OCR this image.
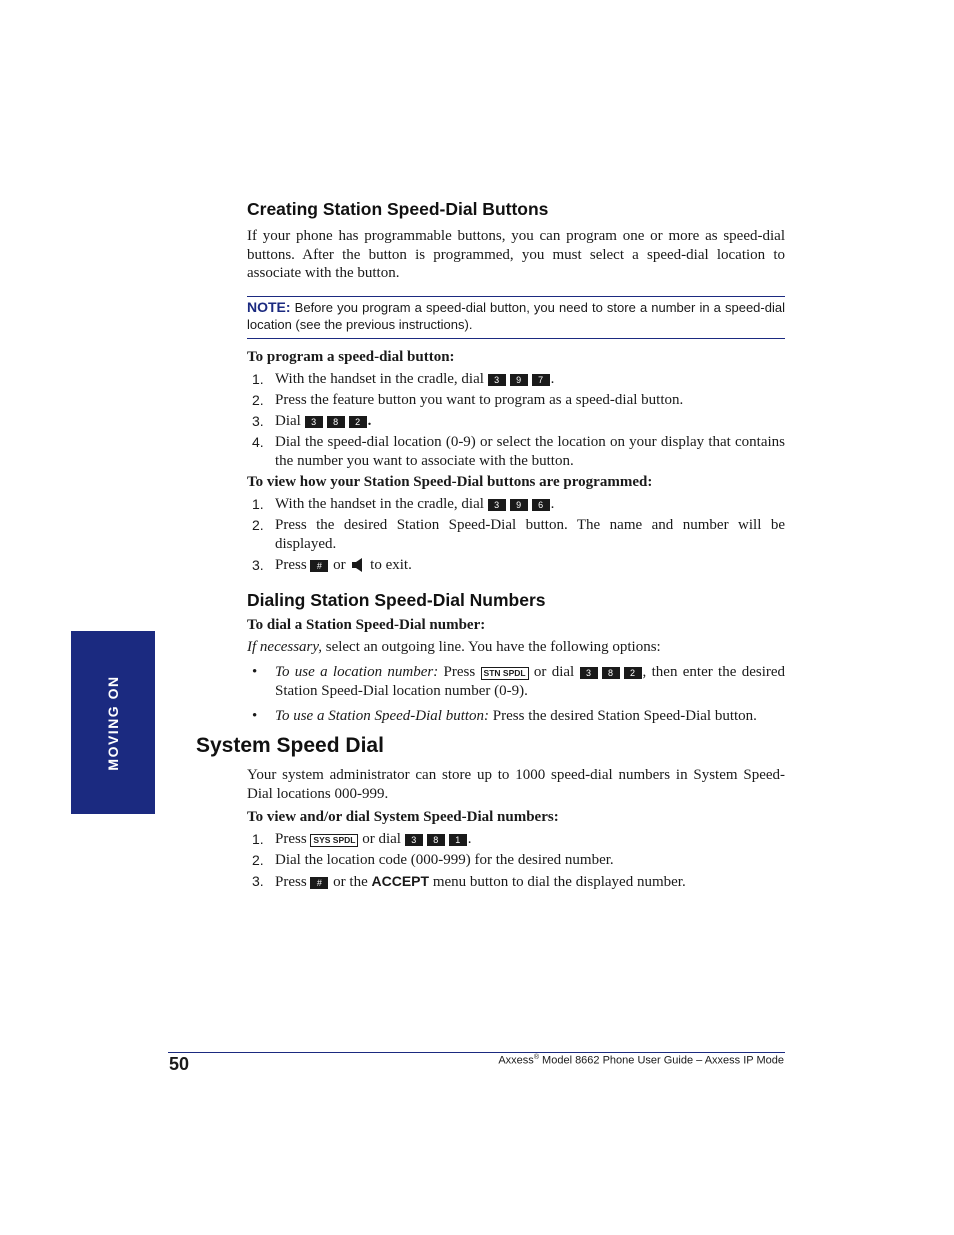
MOVING ON
Creating Station Speed-Dial Buttons

If your phone has programmable buttons, you can program one or more as speed-dial buttons. After the button is programmed, you must select a speed-dial location to associate with the button.

NOTE: Before you program a speed-dial button, you need to store a number in a speed-dial location (see the previous instructions).

To program a speed-dial button:

1. With the handset in the cradle, dial 3 9 7 .
2. Press the feature button you want to program as a speed-dial button.
3. Dial 3 8 2 .
4. Dial the speed-dial location (0-9) or select the location on your display that contains the number you want to associate with the button.

To view how your Station Speed-Dial buttons are programmed:

1. With the handset in the cradle, dial 3 9 6 .
2. Press the desired Station Speed-Dial button. The name and number will be displayed.
3. Press # or to exit.
Dialing Station Speed-Dial Numbers

To dial a Station Speed-Dial number:

If necessary, select an outgoing line. You have the following options:

• To use a location number: Press STN SPDL or dial 3 8 2 , then enter the desired Station Speed-Dial location number (0-9).
• To use a Station Speed-Dial button: Press the desired Station Speed-Dial button.
System Speed Dial

Your system administrator can store up to 1000 speed-dial numbers in System Speed-Dial locations 000-999.

To view and/or dial System Speed-Dial numbers:

1. Press SYS SPDL or dial 3 8 1 .
2. Dial the location code (000-999) for the desired number.
3. Press # or the ACCEPT menu button to dial the displayed number.
50	Axxess® Model 8662 Phone User Guide – Axxess IP Mode
